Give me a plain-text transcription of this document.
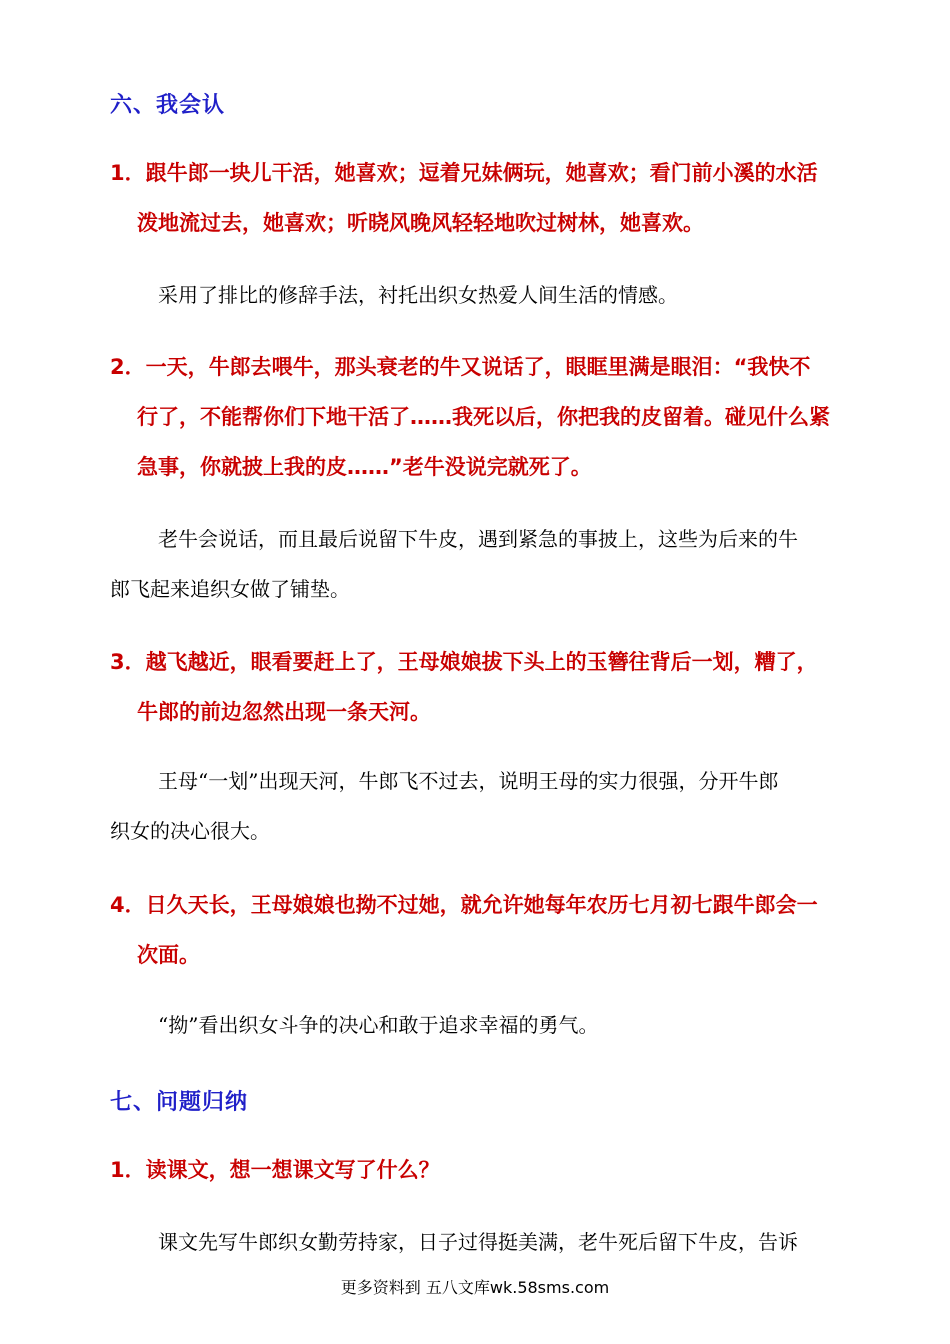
六、我会认
1．跟牛郎一块儿干活，她喜欢；逗着兄妹俩玩，她喜欢；看门前小溪的水活
泼地流过去，她喜欢；听晓风晚风轻轻地吹过树林，她喜欢。
采用了排比的修辞手法，衬托出织女热爱人间生活的情感。
2．一天，牛郎去喂牛，那头衰老的牛又说话了，眼眶里满是眼泪：“我快不
行了，不能帮你们下地干活了……我死以后，你把我的皮留着。碰见什么紧
急事，你就披上我的皮……”老牛没说完就死了。
老牛会说话，而且最后说留下牛皮，遇到紧急的事披上，这些为后来的牛
郎飞起来追织女做了铺垫。
3．越飞越近，眼看要赶上了，王母娘娘拔下头上的玉簪往背后一划，糟了，
牛郎的前边忽然出现一条天河。
王母“一划”出现天河，牛郎飞不过去，说明王母的实力很强，分开牛郎
织女的决心很大。
4．日久天长，王母娘娘也拗不过她，就允许她每年农历七月初七跟牛郎会一
次面。
“拗”看出织女斗争的决心和敢于追求幸福的勇气。
七、问题归纳
1．读课文，想一想课文写了什么？
课文先写牛郎织女勤劳持家，日子过得挺美满，老牛死后留下牛皮，告诉
更多资料到 五八文库wk.58sms.com
